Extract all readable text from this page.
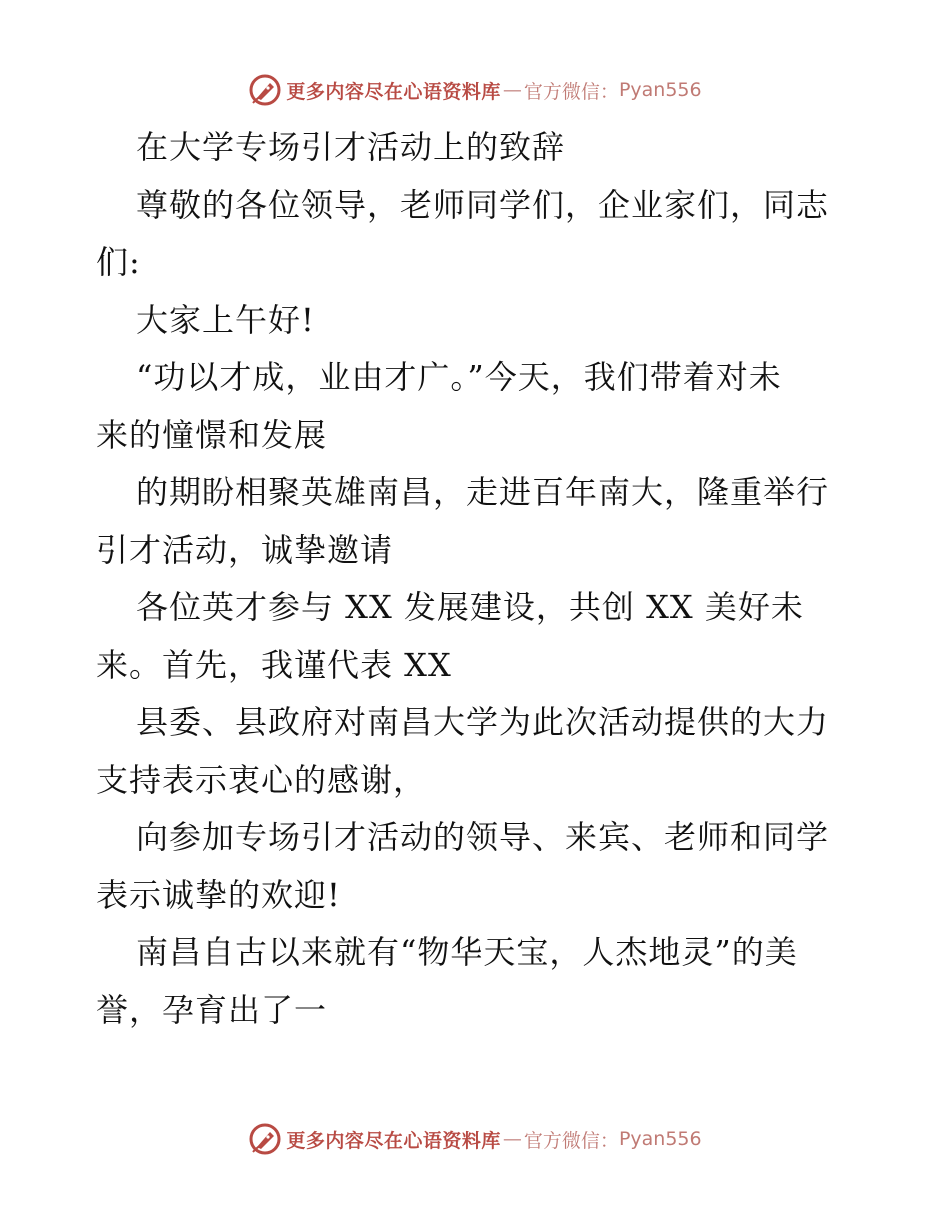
更多内容尽在心语资料库 — 官方微信： Pyan556
在大学专场引才活动上的致辞
尊敬的各位领导，老师同学们，企业家们，同志
们:
大家上午好!
“功以才成，业由才广。”今天，我们带着对未
来的憧憬和发展
的期盼相聚英雄南昌，走进百年南大，隆重举行
引才活动，诚挚邀请
各位英才参与 XX 发展建设，共创 XX 美好未
来。首先，我谨代表 XX
县委、县政府对南昌大学为此次活动提供的大力
支持表示衷心的感谢，
向参加专场引才活动的领导、来宾、老师和同学
表示诚挚的欢迎!
南昌自古以来就有“物华天宝，人杰地灵”的美
誉，孕育出了一
更多内容尽在心语资料库 — 官方微信： Pyan556
